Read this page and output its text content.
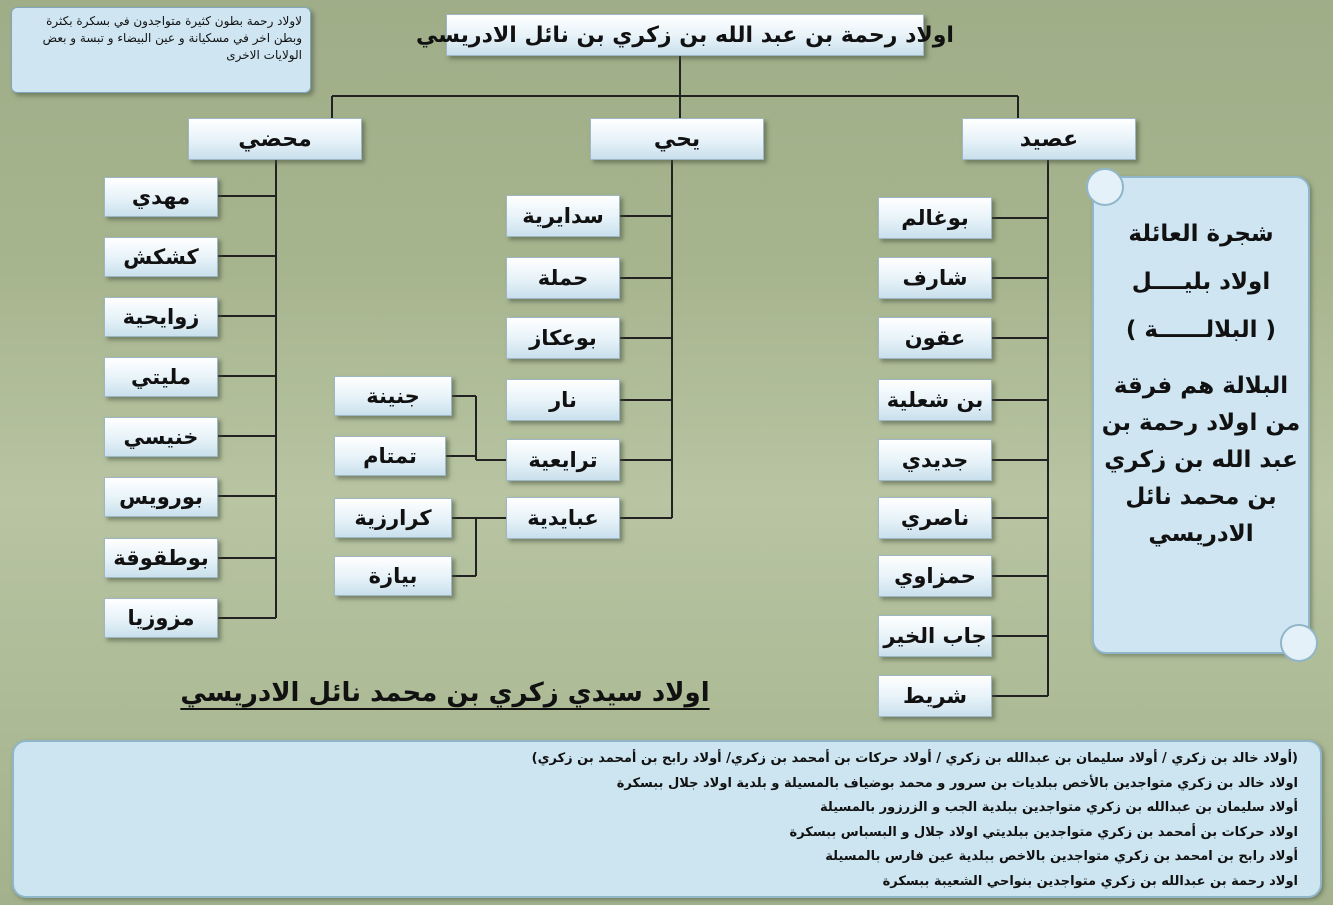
لاولاد رحمة بطون كثيرة متواجدون في بسكرة بكثرة وبطن اخر في مسكيانة و عين البيضاء و تبسة و بعض الولايات الاخرى
اولاد رحمة بن عبد الله بن زكري بن نائل الادريسي
محضي	يحي	عصيد
مهدي
كشكش
زوايحية
مليتي
خنيسي
بورويس
بوطقوقة
مزوزيا
سدايرية
حملة
بوعكاز
نار
ترايعية
عبايدية
جنينة
تمتام
كرارزية
بيازة
بوغالم
شارف
عقون
بن شعلية
جديدي
ناصري
حمزاوي
جاب الخير
شريط

شجرة العائلة

اولاد بليــــل

( البلالــــــة )

البلالة هم فرقة من اولاد رحمة بن عبد الله بن زكري بن محمد نائل الادريسي
اولاد سيدي زكري بن محمد نائل الادريسي
(أولاد خالد بن زكري / أولاد سليمان بن عبدالله بن زكري / أولاد حركات بن أمحمد بن زكري/ أولاد رابح بن أمحمد بن زكري)
اولاد خالد بن زكري متواجدين بالأخص ببلديات بن سرور و محمد بوضياف بالمسيلة و بلدية اولاد جلال ببسكرة
أولاد سليمان بن عبدالله بن زكري متواجدين ببلدية الجب و الزرزور بالمسيلة
اولاد حركات بن أمحمد بن زكري متواجدين ببلديتي اولاد جلال و البسباس ببسكرة
أولاد رابح بن امحمد بن زكري متواجدين بالاخص ببلدية عين فارس بالمسيلة
اولاد رحمة بن عبدالله بن زكري متواجدين بنواحي الشعيبة ببسكرة
